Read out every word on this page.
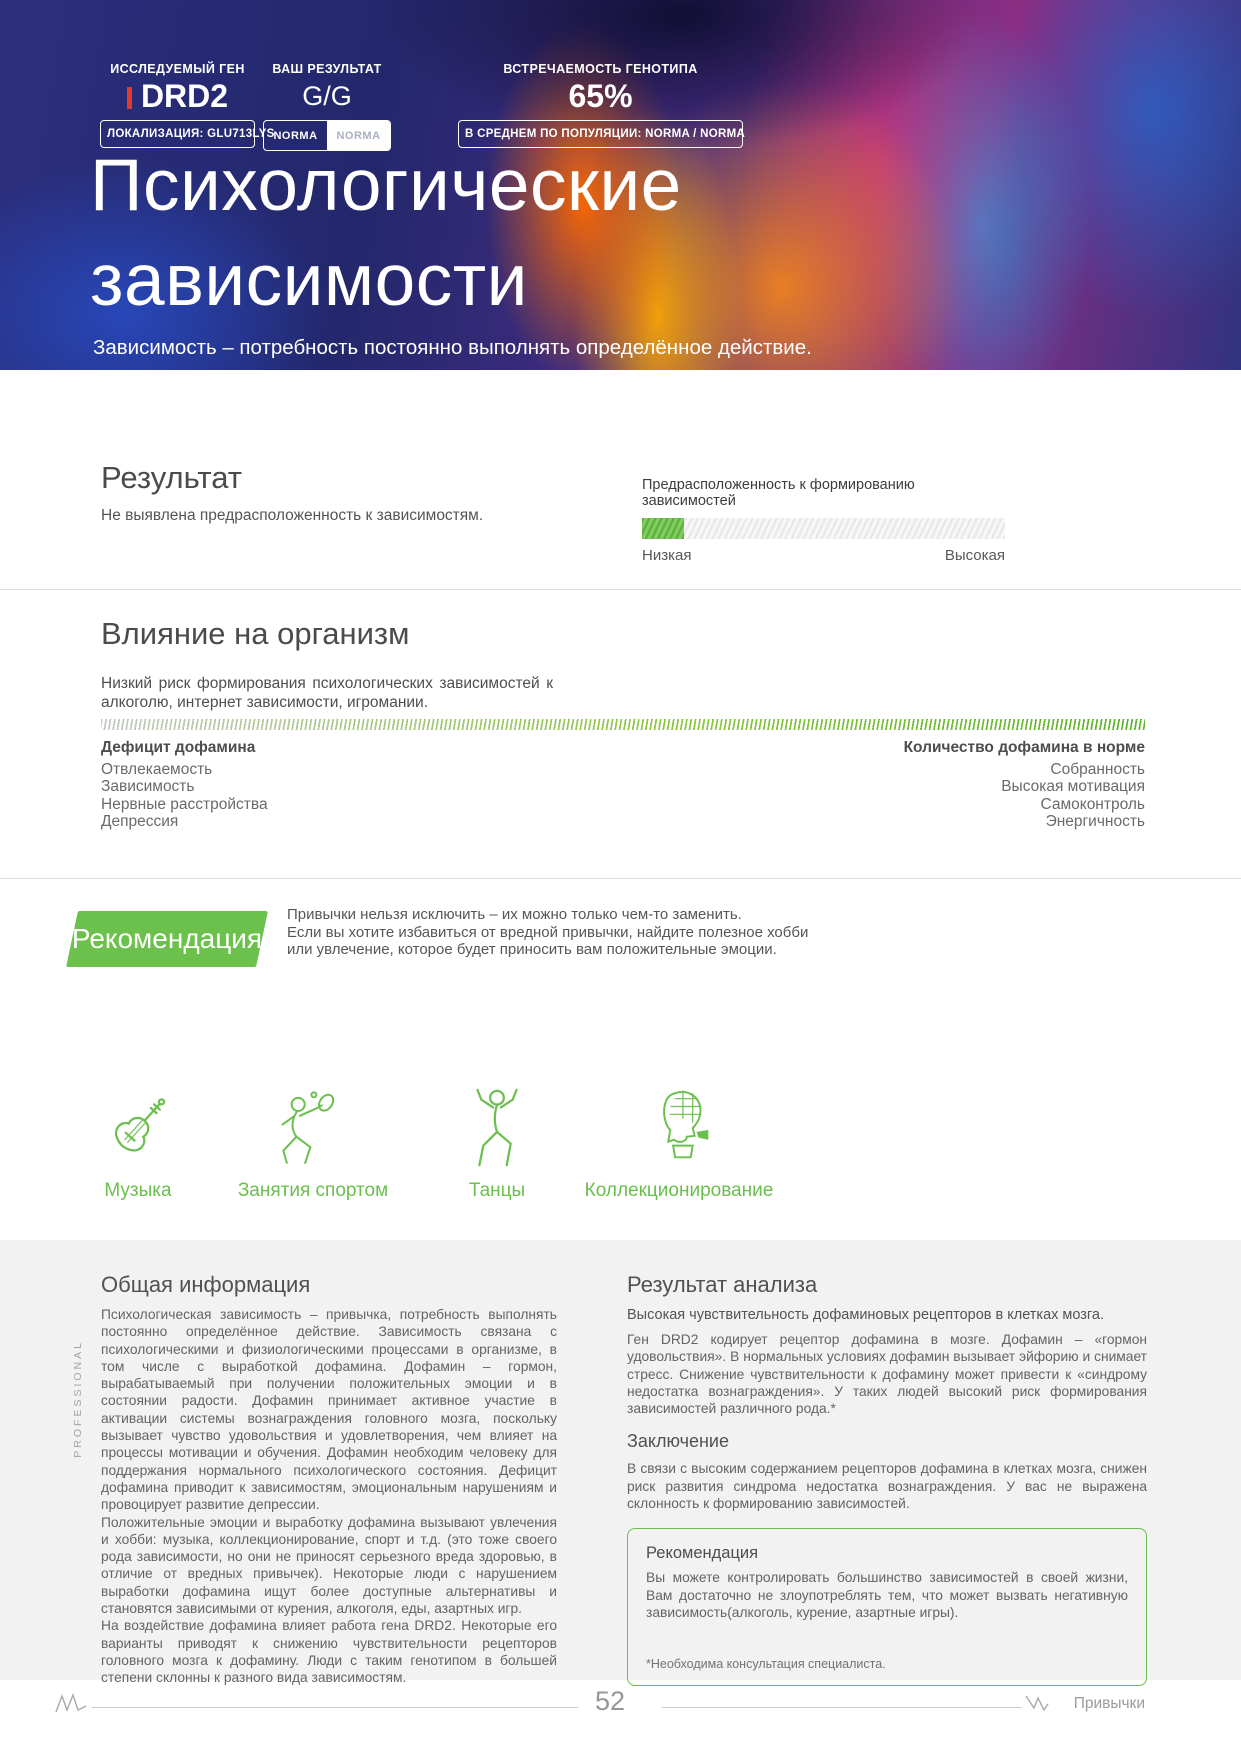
ИССЛЕДУЕМЫЙ ГЕН
DRD2
ЛОКАЛИЗАЦИЯ: GLU713LYS
ВАШ РЕЗУЛЬТАТ
G/G
NORMA	NORMA
ВСТРЕЧАЕМОСТЬ ГЕНОТИПА
65%
В СРЕДНЕМ ПО ПОПУЛЯЦИИ: NORMA / NORMA
Психологические
зависимости
Зависимость – потребность постоянно выполнять определённое действие.
Результат
Не выявлена предрасположенность к зависимостям.
Предрасположенность к формированию зависимостей
Низкая	Высокая
Влияние на организм
Низкий риск формирования психологических зависимостей к алкоголю, интернет зависимости, игромании.
Дефицит дофамина
Отвлекаемость
Зависимость
Нервные расстройства
Депрессия
Количество дофамина в норме
Собранность
Высокая мотивация
Самоконтроль
Энергичность
Рекомендация

Привычки нельзя исключить – их можно только чем-то заменить.

Если вы хотите избавиться от вредной привычки, найдите полезное хобби или увлечение, которое будет приносить вам положительные эмоции.

Музыка	Занятия спортом	Танцы	Коллекционирование
PROFESSIONAL
Общая информация

Психологическая зависимость – привычка, потребность выполнять постоянно определённое действие. Зависимость связана с психологическими и физиологическими процессами в организме, в том числе с выработкой дофамина. Дофамин – гормон, вырабатываемый при получении положительных эмоции и в состоянии радости. Дофамин принимает активное участие в активации системы вознаграждения головного мозга, поскольку вызывает чувство удовольствия и удовлетворения, чем влияет на процессы мотивации и обучения. Дофамин необходим человеку для поддержания нормального психологического состояния. Дефицит дофамина приводит к зависимостям, эмоциональным нарушениям и провоцирует развитие депрессии.

Положительные эмоции и выработку дофамина вызывают увлечения и хобби: музыка, коллекционирование, спорт и т.д. (это тоже своего рода зависимости, но они не приносят серьезного вреда здоровью, в отличие от вредных привычек). Некоторые люди с нарушением выработки дофамина ищут более доступные альтернативы и становятся зависимыми от курения, алкоголя, еды, азартных игр.

На воздействие дофамина влияет работа гена DRD2. Некоторые его варианты приводят к снижению чувствительности рецепторов головного мозга к дофамину. Люди с таким генотипом в большей степени склонны к разного вида зависимостям.

Результат анализа

Высокая чувствительность дофаминовых рецепторов в клетках мозга.

Ген DRD2 кодирует рецептор дофамина в мозге. Дофамин – «гормон удовольствия». В нормальных условиях дофамин вызывает эйфорию и снимает стресс. Снижение чувствительности к дофамину может привести к «синдрому недостатка вознаграждения». У таких людей высокий риск формирования зависимостей различного рода.*

Заключение

В связи с высоким содержанием рецепторов дофамина в клетках мозга, снижен риск развития синдрома недостатка вознаграждения. У вас не выражена склонность к формированию зависимостей.

Рекомендация

Вы можете контролировать большинство зависимостей в своей жизни, Вам достаточно не злоупотреблять тем, что может вызвать негативную зависимость(алкоголь, курение, азартные игры).

*Необходима консультация специалиста.
52	Привычки
